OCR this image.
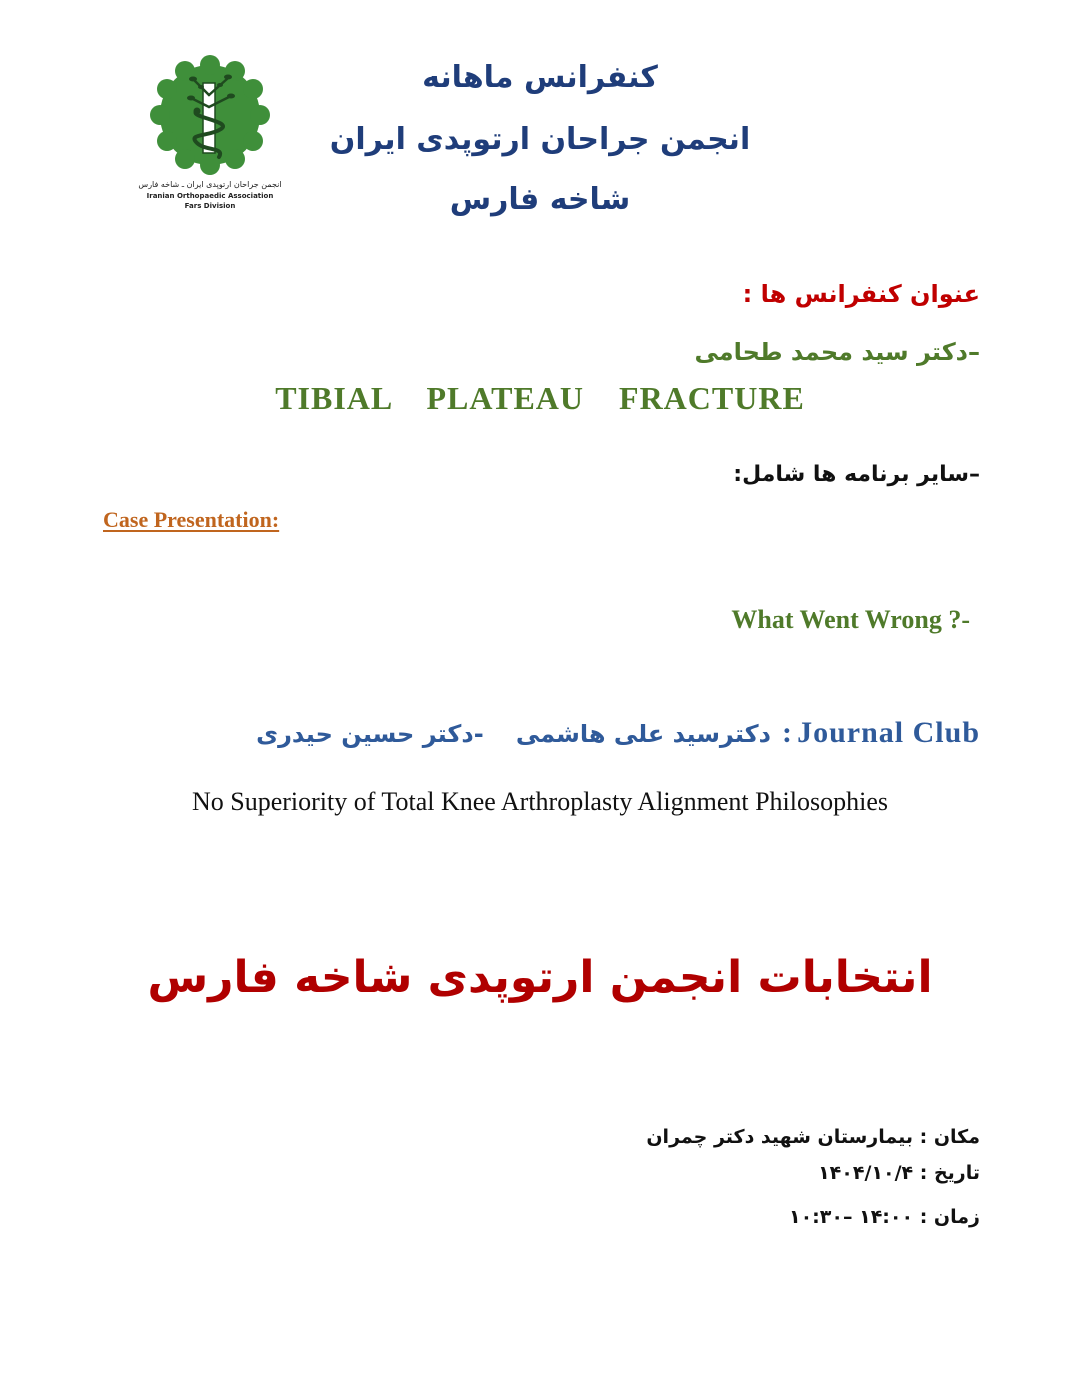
انجمن جراحان ارتوپدی ایران ـ شاخه فارس
Iranian Orthopaedic Association
Fars Division
کنفرانس ماهانه
انجمن جراحان ارتوپدی ایران
شاخه فارس
عنوان کنفرانس ها :
–دکتر سید محمد طحامی
TIBIAL PLATEAU FRACTURE
–سایر برنامه ها شامل:
Case Presentation:
What Went Wrong ?-
-دکتر حسین حیدری دکترسید علی هاشمی : Journal Club
No Superiority of Total Knee Arthroplasty Alignment Philosophies
انتخابات انجمن ارتوپدی شاخه فارس
مکان : بیمارستان شهید دکتر چمران
تاریخ : ۱۴۰۴/۱۰/۴
زمان : ۱۴:۰۰ –۱۰:۳۰
